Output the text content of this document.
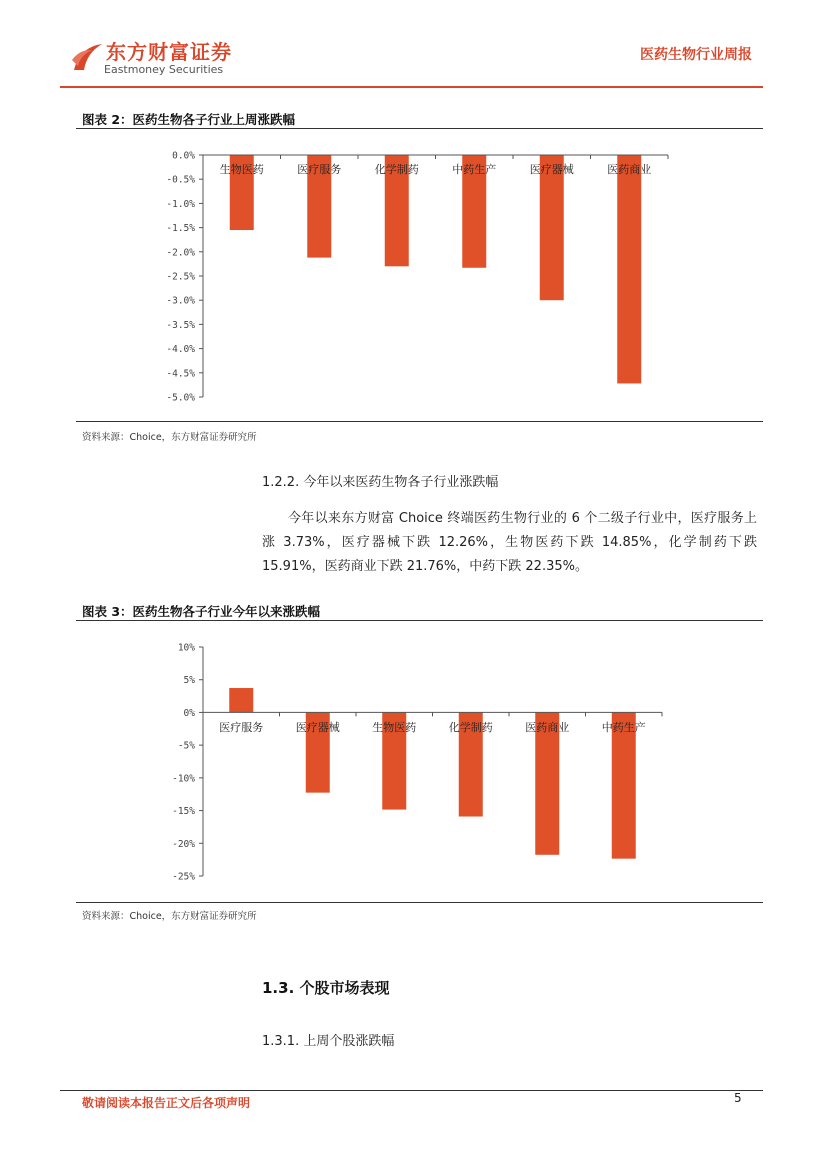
东方财富证券
Eastmoney Securities
医药生物行业周报
图表 2：医药生物各子行业上周涨跌幅
0.0%
-0.5%
-1.0%
-1.5%
-2.0%
-2.5%
-3.0%
-3.5%
-4.0%
-4.5%
-5.0%
生物医药	医疗服务	化学制药	中药生产	医疗器械	医药商业
资料来源：Choice，东方财富证券研究所
1.2.2. 今年以来医药生物各子行业涨跌幅
今年以来东方财富 Choice 终端医药生物行业的 6 个二级子行业中，医疗服务上涨 3.73%，医疗器械下跌 12.26%，生物医药下跌 14.85%，化学制药下跌 15.91%，医药商业下跌 21.76%，中药下跌 22.35%。
图表 3：医药生物各子行业今年以来涨跌幅
10%
5%
0%
-5%
-10%
-15%
-20%
-25%
医疗服务	医疗器械	生物医药	化学制药	医药商业	中药生产
资料来源：Choice，东方财富证券研究所
1.3. 个股市场表现
1.3.1. 上周个股涨跌幅
敬请阅读本报告正文后各项声明	5
